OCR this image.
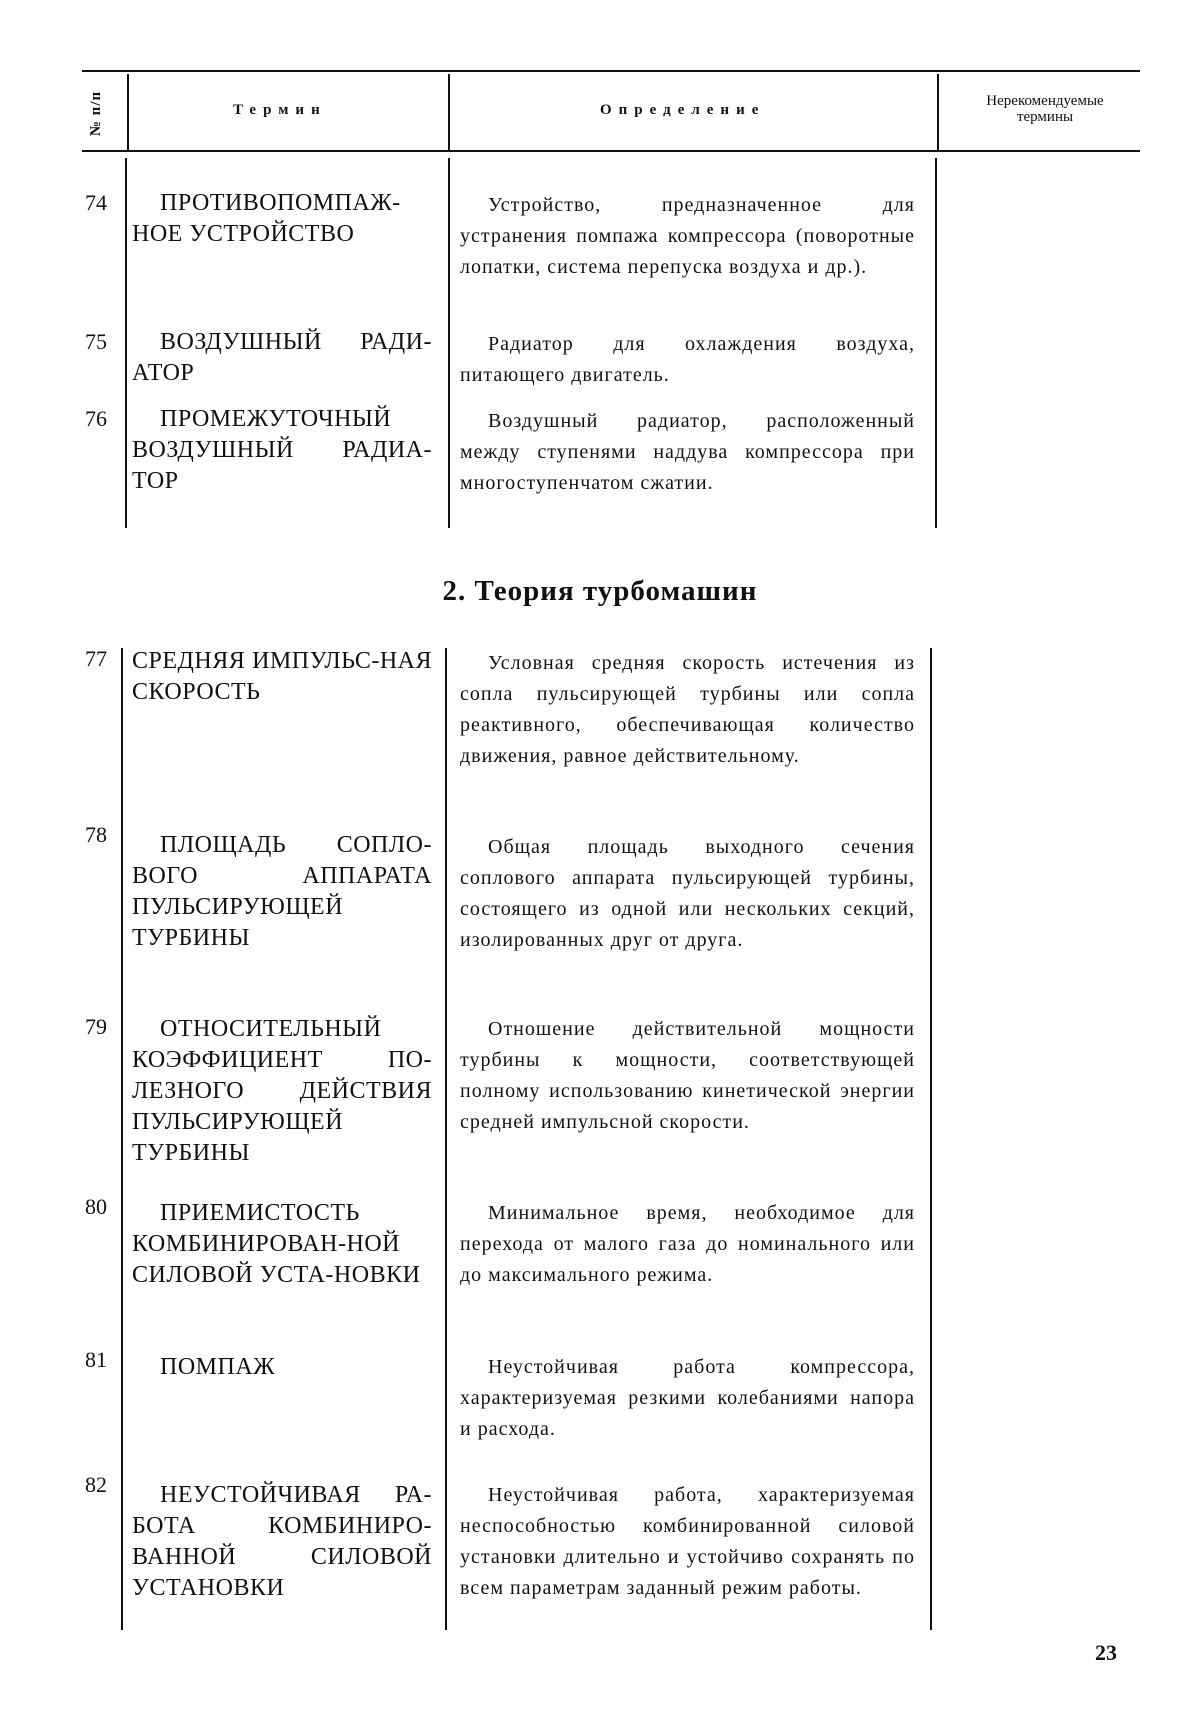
№ п/п	Термин	Определение
Нерекомендуемые
термины
74	ПРОТИВОПОМПАЖ-НОЕ УСТРОЙСТВО
Устройство, предназначенное для устранения помпажа компрессора (поворотные лопатки, система перепуска воздуха и др.).
75	ВОЗДУШНЫЙ РАДИ-АТОР
Радиатор для охлаждения воздуха, питающего двигатель.
76	ПРОМЕЖУТОЧНЫЙ ВОЗДУШНЫЙ РАДИА-ТОР
Воздушный радиатор, расположенный между ступенями наддува компрессора при многоступенчатом сжатии.
2. Теория турбомашин
77 СРЕДНЯЯ ИМПУЛЬС-НАЯ СКОРОСТЬ
Условная средняя скорость истечения из сопла пульсирующей турбины или сопла реактивного, обеспечивающая количество движения, равное действительному.
78	ПЛОЩАДЬ СОПЛО-ВОГО АППАРАТА ПУЛЬСИРУЮЩЕЙ ТУРБИНЫ
Общая площадь выходного сечения соплового аппарата пульсирующей турбины, состоящего из одной или нескольких секций, изолированных друг от друга.
79	ОТНОСИТЕЛЬНЫЙ КОЭФФИЦИЕНТ ПО-ЛЕЗНОГО ДЕЙСТВИЯ ПУЛЬСИРУЮЩЕЙ ТУРБИНЫ
Отношение действительной мощности турбины к мощности, соответствующей полному использованию кинетической энергии средней импульсной скорости.
80	ПРИЕМИСТОСТЬ КОМБИНИРОВАН-НОЙ СИЛОВОЙ УСТА-НОВКИ
Минимальное время, необходимое для перехода от малого газа до номинального или до максимального режима.
81	ПОМПАЖ	Неустойчивая работа компрессора, характеризуемая резкими колебаниями напора и расхода.
82	НЕУСТОЙЧИВАЯ РА-БОТА КОМБИНИРО-ВАННОЙ СИЛОВОЙ УСТАНОВКИ
Неустойчивая работа, характеризуемая неспособностью комбинированной силовой установки длительно и устойчиво сохранять по всем параметрам заданный режим работы.
23
